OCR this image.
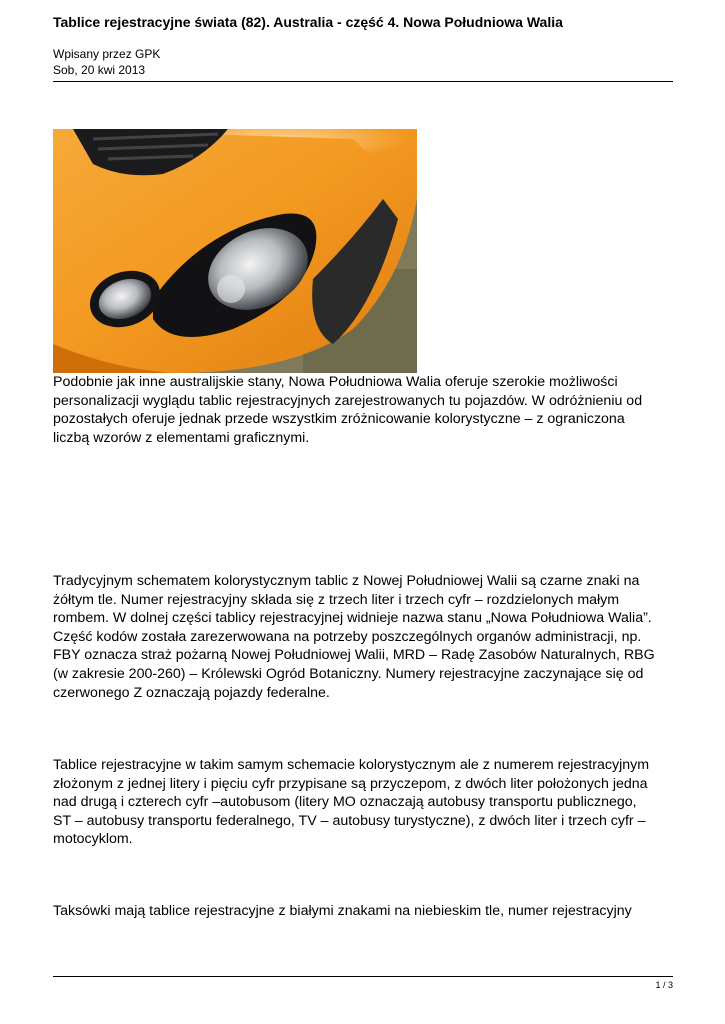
Tablice rejestracyjne świata (82). Australia - część 4. Nowa Południowa Walia
Wpisany przez GPK
Sob, 20 kwi 2013
Podobnie jak inne australijskie stany, Nowa Południowa Walia oferuje szerokie możliwości
personalizacji wyglądu tablic rejestracyjnych zarejestrowanych tu pojazdów. W odróżnieniu od
pozostałych oferuje jednak przede wszystkim zróżnicowanie kolorystyczne – z ograniczona
liczbą wzorów z elementami graficznymi.
Tradycyjnym schematem kolorystycznym tablic z Nowej Południowej Walii są czarne znaki na
żółtym tle. Numer rejestracyjny składa się z trzech liter i trzech cyfr – rozdzielonych małym
rombem. W dolnej części tablicy rejestracyjnej widnieje nazwa stanu „Nowa Południowa Walia”.
Część kodów została zarezerwowana na potrzeby poszczególnych organów administracji, np.
FBY oznacza straż pożarną Nowej Południowej Walii, MRD – Radę Zasobów Naturalnych, RBG
(w zakresie 200-260) – Królewski Ogród Botaniczny. Numery rejestracyjne zaczynające się od
czerwonego Z oznaczają pojazdy federalne.
Tablice rejestracyjne w takim samym schemacie kolorystycznym ale z numerem rejestracyjnym
złożonym z jednej litery i pięciu cyfr przypisane są przyczepom, z dwóch liter położonych jedna
nad drugą i czterech cyfr –autobusom (litery MO oznaczają autobusy transportu publicznego,
ST – autobusy transportu federalnego, TV – autobusy turystyczne), z dwóch liter i trzech cyfr –
motocyklom.
Taksówki mają tablice rejestracyjne z białymi znakami na niebieskim tle, numer rejestracyjny
1 / 3
